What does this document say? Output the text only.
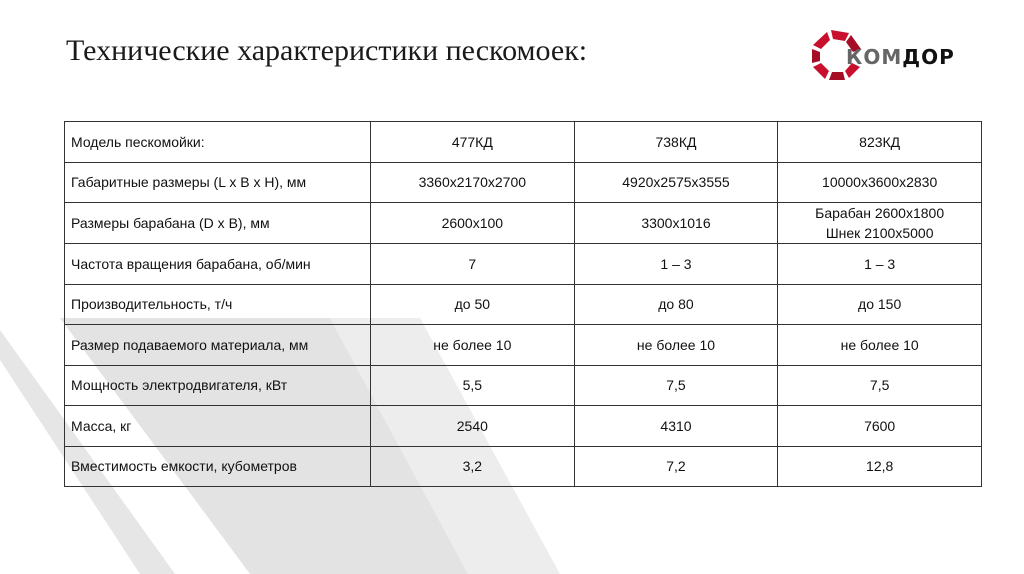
Технические характеристики пескомоек:	КОМДОР
Модель пескомойки:	477КД	738КД	823КД
Габаритные размеры (L x B x H), мм	3360x2170x2700	4920x2575x3555	10000x3600x2830
Размеры барабана (D x B), мм	2600x100	3300x1016	Барабан 2600x1800
Шнек 2100x5000

Частота вращения барабана, об/мин	7	1 – 3	1 – 3
Производительность, т/ч	до 50	до 80	до 150
Размер подаваемого материала, мм	не более 10	не более 10	не более 10
Мощность электродвигателя, кВт	5,5	7,5	7,5
Масса, кг	2540	4310	7600
Вместимость емкости, кубометров	3,2	7,2	12,8
